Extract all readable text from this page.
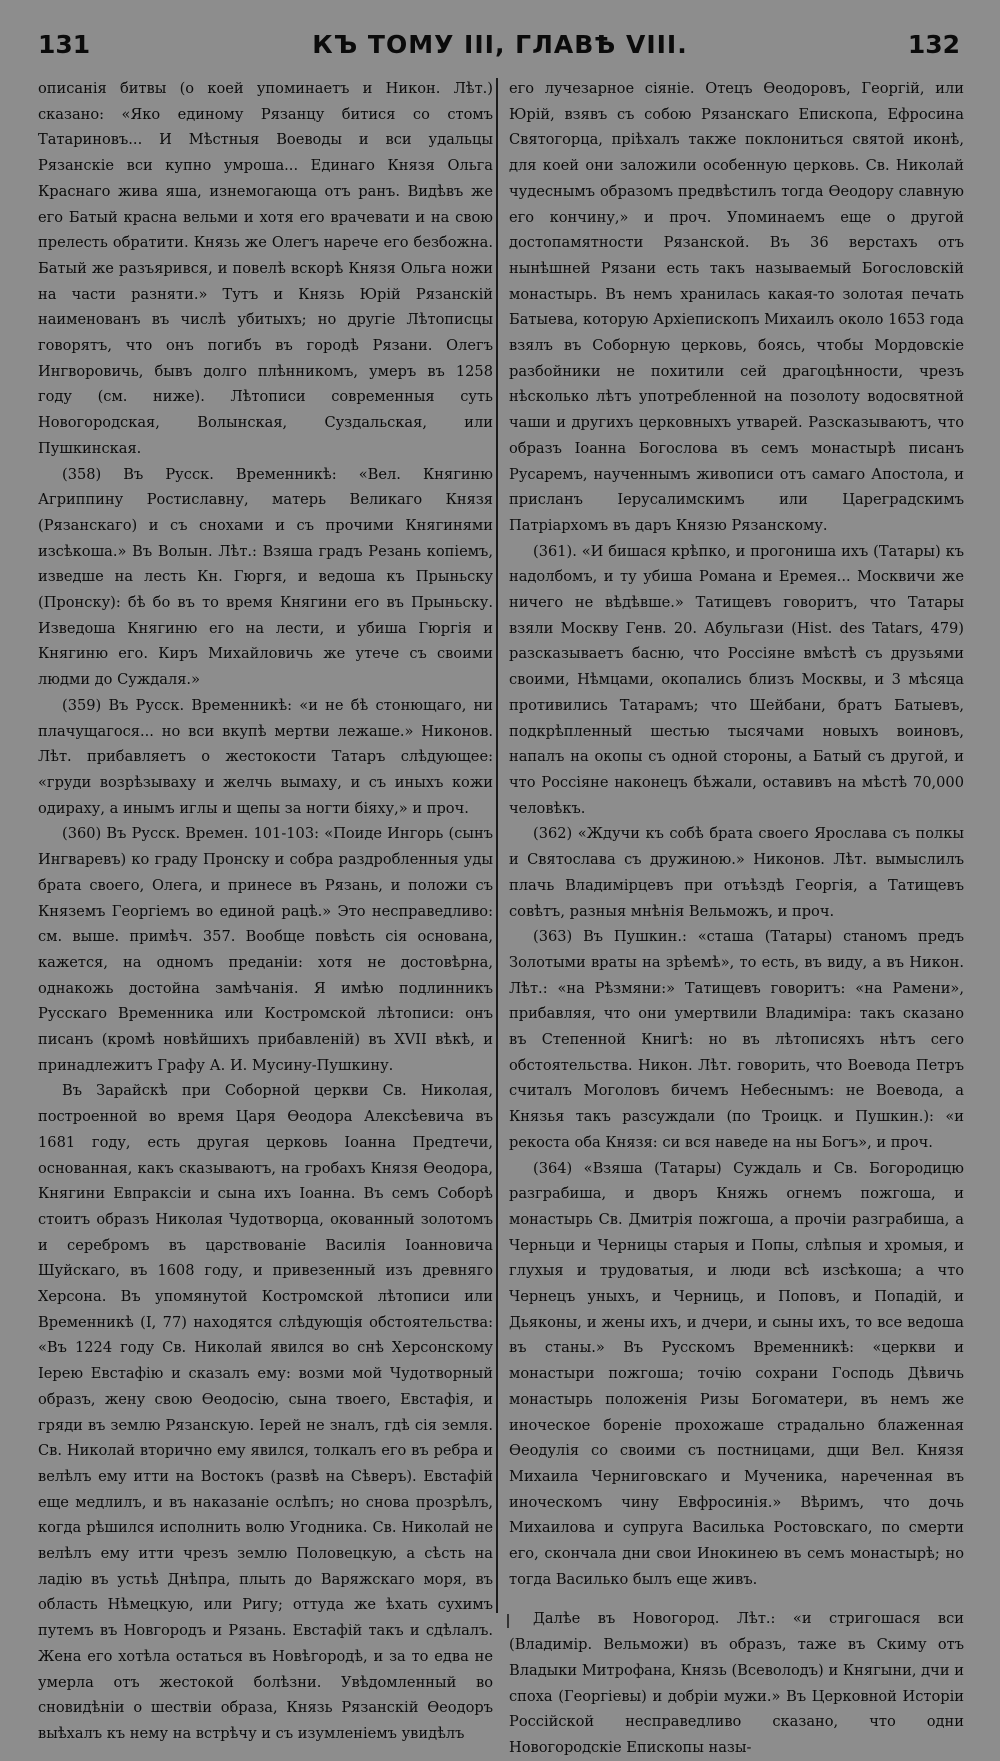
131	КЪ ТОМУ III, ГЛАВѢ VIII.	132

описанія битвы (о коей упоминаетъ и Никон. Лѣт.) сказано: «Яко единому Рязанцу битися со стомъ Татариновъ... И Мѣстныя Воеводы и вси удальцы Рязанскіе вси купно умроша... Единаго Князя Ольга Краснаго жива яша, изнемогающа отъ ранъ. Видѣвъ же его Батый красна вельми и хотя его врачевати и на свою прелесть обратити. Князь же Олегъ нарече его безбожна. Батый же разъярився, и повелѣ вскорѣ Князя Ольга ножи на части разняти.» Тутъ и Князь Юрій Рязанскій наименованъ въ числѣ убитыхъ; но другіе Лѣтописцы говорятъ, что онъ погибъ въ городѣ Рязани. Олегъ Ингворовичь, бывъ долго плѣнникомъ, умеръ въ 1258 году (см. ниже). Лѣтописи современныя суть Новогородская, Волынская, Суздальская, или Пушкинская.

(358) Въ Русск. Временникѣ: «Вел. Княгиню Агриппину Ростиславну, матерь Великаго Князя (Рязанскаго) и съ снохами и съ прочими Княгинями изсѣкоша.» Въ Волын. Лѣт.: Взяша градъ Резань копіемъ, изведше на лесть Кн. Гюргя, и ведоша къ Прыньску (Пронску): бѣ бо въ то время Княгини его въ Прыньску. Изведоша Княгиню его на лести, и убиша Гюргія и Княгиню его. Киръ Михайловичь же утече съ своими людми до Суждаля.»

(359) Въ Русск. Временникѣ: «и не бѣ стонющаго, ни плачущагося... но вси вкупѣ мертви лежаше.» Никонов. Лѣт. прибавляетъ о жестокости Татаръ слѣдующее: «груди возрѣзываху и желчь вымаху, и съ иныхъ кожи одираху, а инымъ иглы и щепы за ногти біяху,» и проч.

(360) Въ Русск. Времен. 101-103: «Поиде Ингорь (сынъ Ингваревъ) ко граду Пронску и собра раздробленныя уды брата своего, Олега, и принесе въ Рязань, и положи съ Княземъ Георгіемъ во единой рацѣ.» Это несправедливо: см. выше. примѣч. 357. Вообще повѣсть сія основана, кажется, на одномъ преданіи: хотя не достовѣрна, однакожь достойна замѣчанія. Я имѣю подлинникъ Русскаго Временника или Костромской лѣтописи: онъ писанъ (кромѣ новѣйшихъ прибавленій) въ XVII вѣкѣ, и принадлежитъ Графу А. И. Мусину-Пушкину.

Въ Зарайскѣ при Соборной церкви Св. Николая, построенной во время Царя Ѳеодора Алексѣевича въ 1681 году, есть другая церковь Іоанна Предтечи, основанная, какъ сказываютъ, на гробахъ Князя Ѳеодора, Княгини Евпраксіи и сына ихъ Іоанна. Въ семъ Соборѣ стоитъ образъ Николая Чудотворца, окованный золотомъ и серебромъ въ царствованіе Василія Іоанновича Шуйскаго, въ 1608 году, и привезенный изъ древняго Херсона. Въ упомянутой Костромской лѣтописи или Временникѣ (I, 77) находятся слѣдующія обстоятельства: «Въ 1224 году Св. Николай явился во снѣ Херсонскому Іерею Евстафію и сказалъ ему: возми мой Чудотворный образъ, жену свою Ѳеодосію, сына твоего, Евстафія, и гряди въ землю Рязанскую. Іерей не зналъ, гдѣ сія земля. Св. Николай вторично ему явился, толкалъ его въ ребра и велѣлъ ему итти на Востокъ (развѣ на Сѣверъ). Евстафій еще медлилъ, и въ наказаніе ослѣпъ; но снова прозрѣлъ, когда рѣшился исполнить волю Угодника. Св. Николай не велѣлъ ему итти чрезъ землю Половецкую, а сѣсть на ладію въ устьѣ Днѣпра, плыть до Варяжскаго моря, въ область Нѣмецкую, или Ригу; оттуда же ѣхать сухимъ путемъ въ Новгородъ и Рязань. Евстафій такъ и сдѣлалъ. Жена его хотѣла остаться въ Новѣгородѣ, и за то едва не умерла отъ жестокой болѣзни. Увѣдомленный во сновидѣніи о шествіи образа, Князь Рязанскій Ѳеодоръ выѣхалъ къ нему на встрѣчу и съ изумленіемъ увидѣлъ

его лучезарное сіяніе. Отецъ Ѳеодоровъ, Георгій, или Юрій, взявъ съ собою Рязанскаго Епископа, Ефросина Святогорца, пріѣхалъ также поклониться святой иконѣ, для коей они заложили особенную церковь. Св. Николай чудеснымъ образомъ предвѣстилъ тогда Ѳеодору славную его кончину,» и проч. Упоминаемъ еще о другой достопамятности Рязанской. Въ 36 верстахъ отъ нынѣшней Рязани есть такъ называемый Богословскій монастырь. Въ немъ хранилась какая-то золотая печать Батыева, которую Архіепископъ Михаилъ около 1653 года взялъ въ Соборную церковь, боясь, чтобы Мордовскіе разбойники не похитили сей драгоцѣнности, чрезъ нѣсколько лѣтъ употребленной на позолоту водосвятной чаши и другихъ церковныхъ утварей. Разсказываютъ, что образъ Іоанна Богослова въ семъ монастырѣ писанъ Русаремъ, наученнымъ живописи отъ самаго Апостола, и присланъ Іерусалимскимъ или Цареградскимъ Патріархомъ въ даръ Князю Рязанскому.

(361). «И бишася крѣпко, и прогониша ихъ (Татары) къ надолбомъ, и ту убиша Романа и Еремея... Москвичи же ничего не вѣдѣвше.» Татищевъ говоритъ, что Татары взяли Москву Генв. 20. Абульгази (Hist. des Tatars, 479) разсказываетъ басню, что Россіяне вмѣстѣ съ друзьями своими, Нѣмцами, окопались близъ Москвы, и 3 мѣсяца противились Татарамъ; что Шейбани, братъ Батыевъ, подкрѣпленный шестью тысячами новыхъ воиновъ, напалъ на окопы съ одной стороны, а Батый съ другой, и что Россіяне наконецъ бѣжали, оставивъ на мѣстѣ 70,000 человѣкъ.

(362) «Ждучи къ собѣ брата своего Ярослава съ полкы и Святослава съ дружиною.» Никонов. Лѣт. вымыслилъ плачь Владимірцевъ при отъѣздѣ Георгія, а Татищевъ совѣтъ, разныя мнѣнія Вельможъ, и проч.

(363) Въ Пушкин.: «сташа (Татары) станомъ предъ Золотыми враты на зрѣемѣ», то есть, въ виду, а въ Никон. Лѣт.: «на Рѣзмяни:» Татищевъ говоритъ: «на Рамени», прибавляя, что они умертвили Владиміра: такъ сказано въ Степенной Книгѣ: но въ лѣтописяхъ нѣтъ сего обстоятельства. Никон. Лѣт. говорить, что Воевода Петръ считалъ Моголовъ бичемъ Небеснымъ: не Воевода, а Князья такъ разсуждали (по Троицк. и Пушкин.): «и рекоста оба Князя: си вся наведе на ны Богъ», и проч.

(364) «Взяша (Татары) Суждаль и Св. Богородицю разграбиша, и дворъ Княжь огнемъ пожгоша, и монастырь Св. Дмитрія пожгоша, а прочіи разграбиша, а Черньци и Черницы старыя и Попы, слѣпыя и хромыя, и глухыя и трудоватыя, и люди всѣ изсѣкоша; а что Чернецъ уныхъ, и Черниць, и Поповъ, и Попадій, и Дьяконы, и жены ихъ, и дчери, и сыны ихъ, то все ведоша въ станы.» Въ Русскомъ Временникѣ: «церкви и монастыри пожгоша; точію сохрани Господь Дѣвичь монастырь положенія Ризы Богоматери, въ немъ же иноческое бореніе прохожаше страдально блаженная Ѳеодулія со своими съ постницами, дщи Вел. Князя Михаила Черниговскаго и Мученика, нареченная въ иноческомъ чину Евфросинія.» Вѣримъ, что дочь Михаилова и супруга Василька Ростовскаго, по смерти его, скончала дни свои Инокинею въ семъ монастырѣ; но тогда Василько былъ еще живъ.

Далѣе въ Новогород. Лѣт.: «и стригошася вси (Владимір. Вельможи) въ образъ, таже въ Скиму отъ Владыки Митрофана, Князь (Всеволодъ) и Княгыни, дчи и споха (Георгіевы) и добріи мужи.» Въ Церковной Исторіи Россійской несправедливо сказано, что одни Новогородскіе Епископы назы-
